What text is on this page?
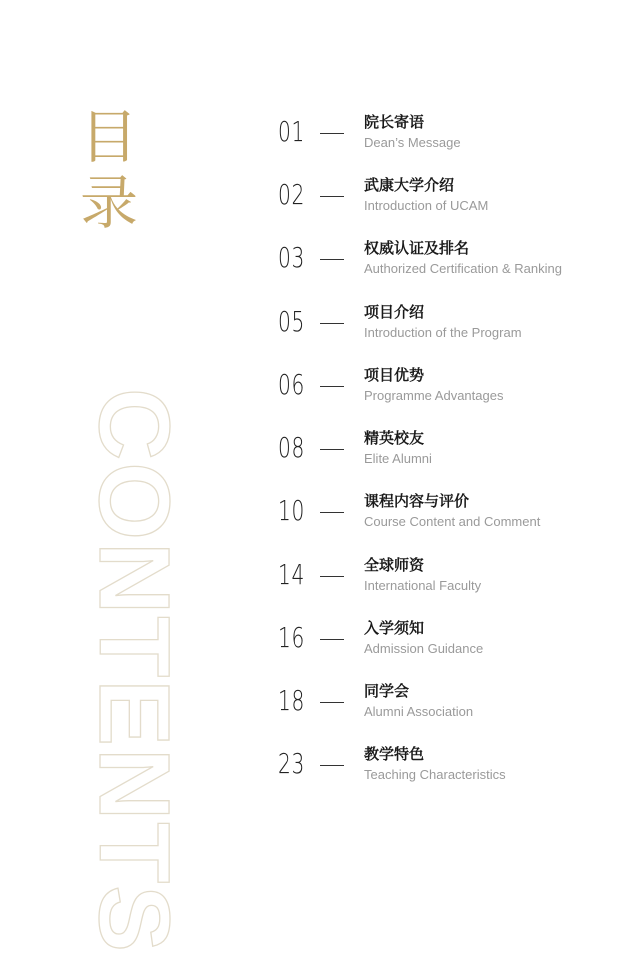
目
录
CONTENTS
01	院长寄语
Dean’s Message
02	武康大学介绍
Introduction of UCAM
03	权威认证及排名
Authorized Certification & Ranking
05	项目介绍
Introduction of the Program
06	项目优势
Programme Advantages
08	精英校友
Elite Alumni
10	课程内容与评价
Course Content and Comment
14	全球师资
International Faculty
16	入学须知
Admission Guidance
18	同学会
Alumni Association
23	教学特色
Teaching Characteristics
